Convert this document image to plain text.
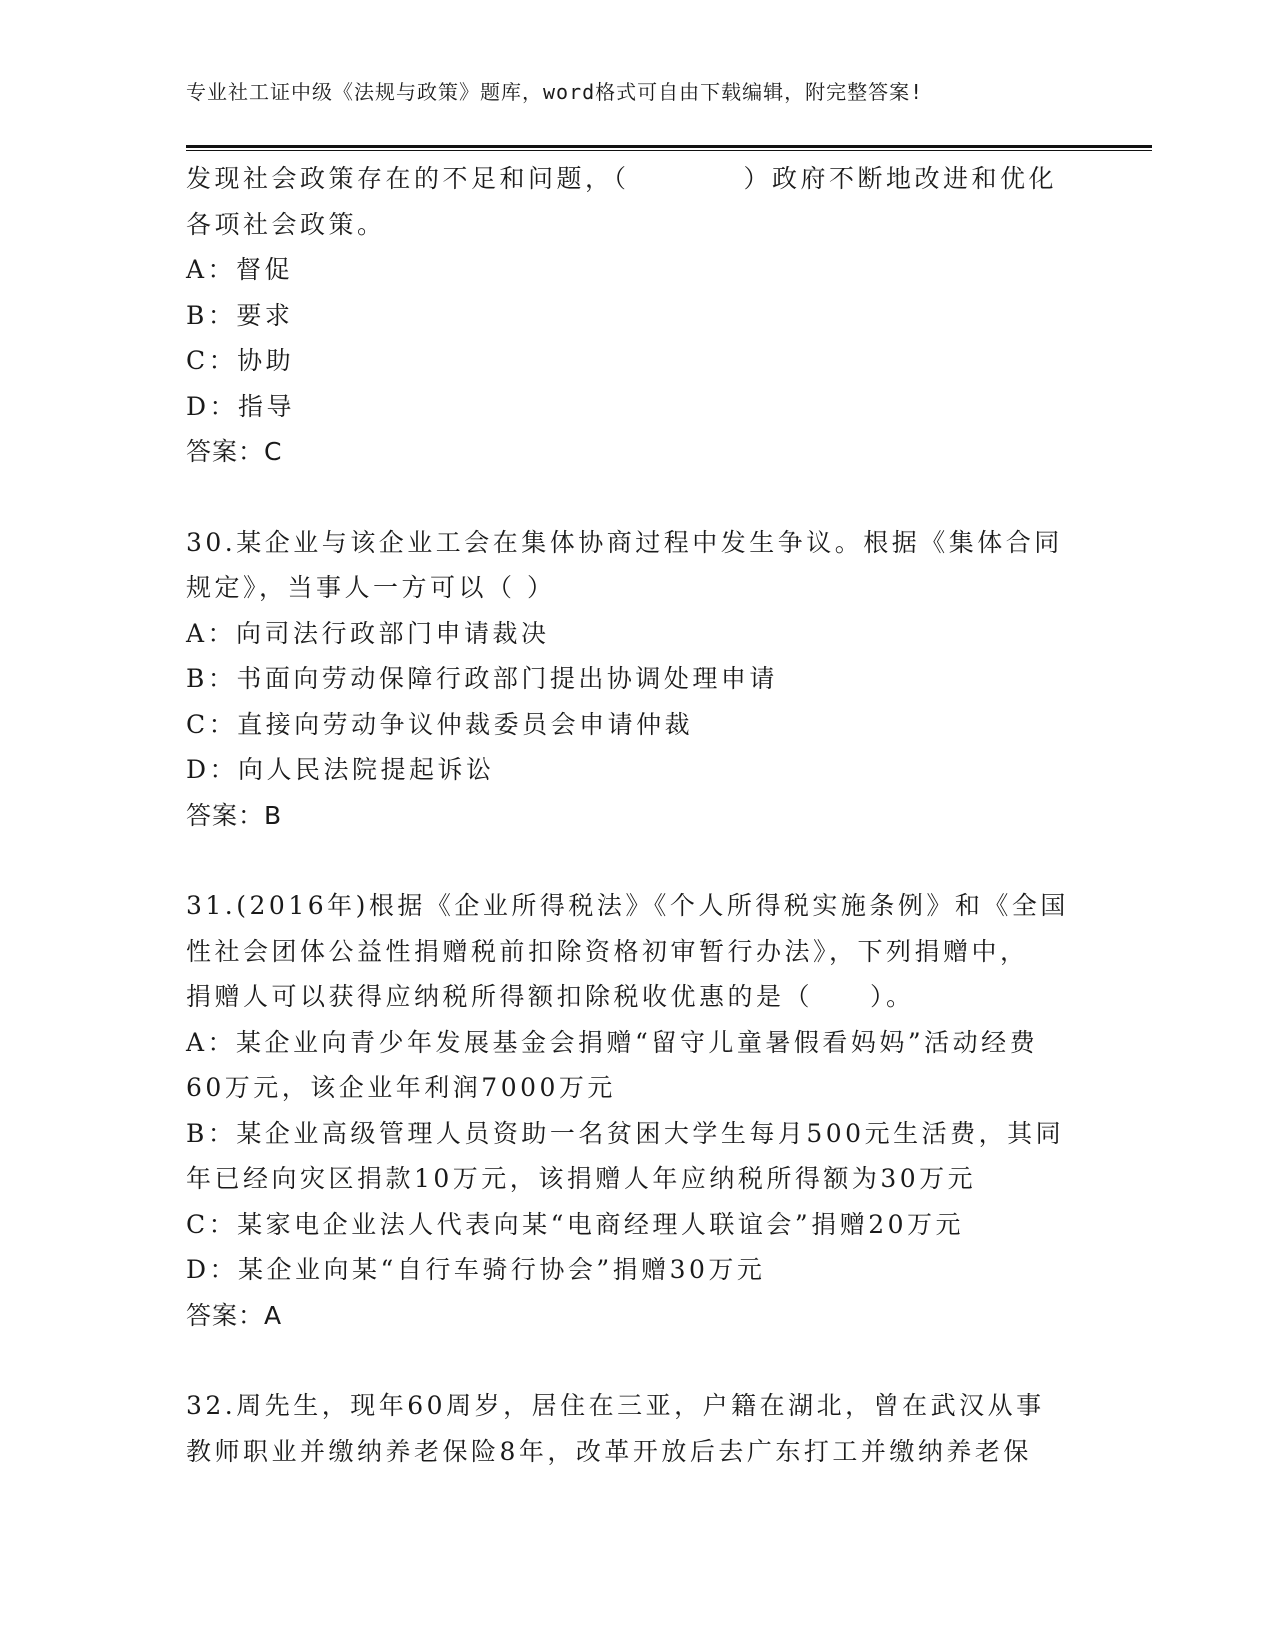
专业社工证中级《法规与政策》题库，word格式可自由下载编辑，附完整答案!
发现社会政策存在的不足和问题，（　　　　）政府不断地改进和优化
各项社会政策。
A：督促
B：要求
C：协助
D：指导
答案：C
30.某企业与该企业工会在集体协商过程中发生争议。根据《集体合同
规定》，当事人一方可以（ ）
A：向司法行政部门申请裁决
B：书面向劳动保障行政部门提出协调处理申请
C：直接向劳动争议仲裁委员会申请仲裁
D：向人民法院提起诉讼
答案：B
31.(2016年)根据《企业所得税法》《个人所得税实施条例》和《全国
性社会团体公益性捐赠税前扣除资格初审暂行办法》，下列捐赠中，
捐赠人可以获得应纳税所得额扣除税收优惠的是（　　）。
A：某企业向青少年发展基金会捐赠“留守儿童暑假看妈妈”活动经费
60万元，该企业年利润7000万元
B：某企业高级管理人员资助一名贫困大学生每月500元生活费，其同
年已经向灾区捐款10万元，该捐赠人年应纳税所得额为30万元
C：某家电企业法人代表向某“电商经理人联谊会”捐赠20万元
D：某企业向某“自行车骑行协会”捐赠30万元
答案：A
32.周先生，现年60周岁，居住在三亚，户籍在湖北，曾在武汉从事
教师职业并缴纳养老保险8年，改革开放后去广东打工并缴纳养老保
